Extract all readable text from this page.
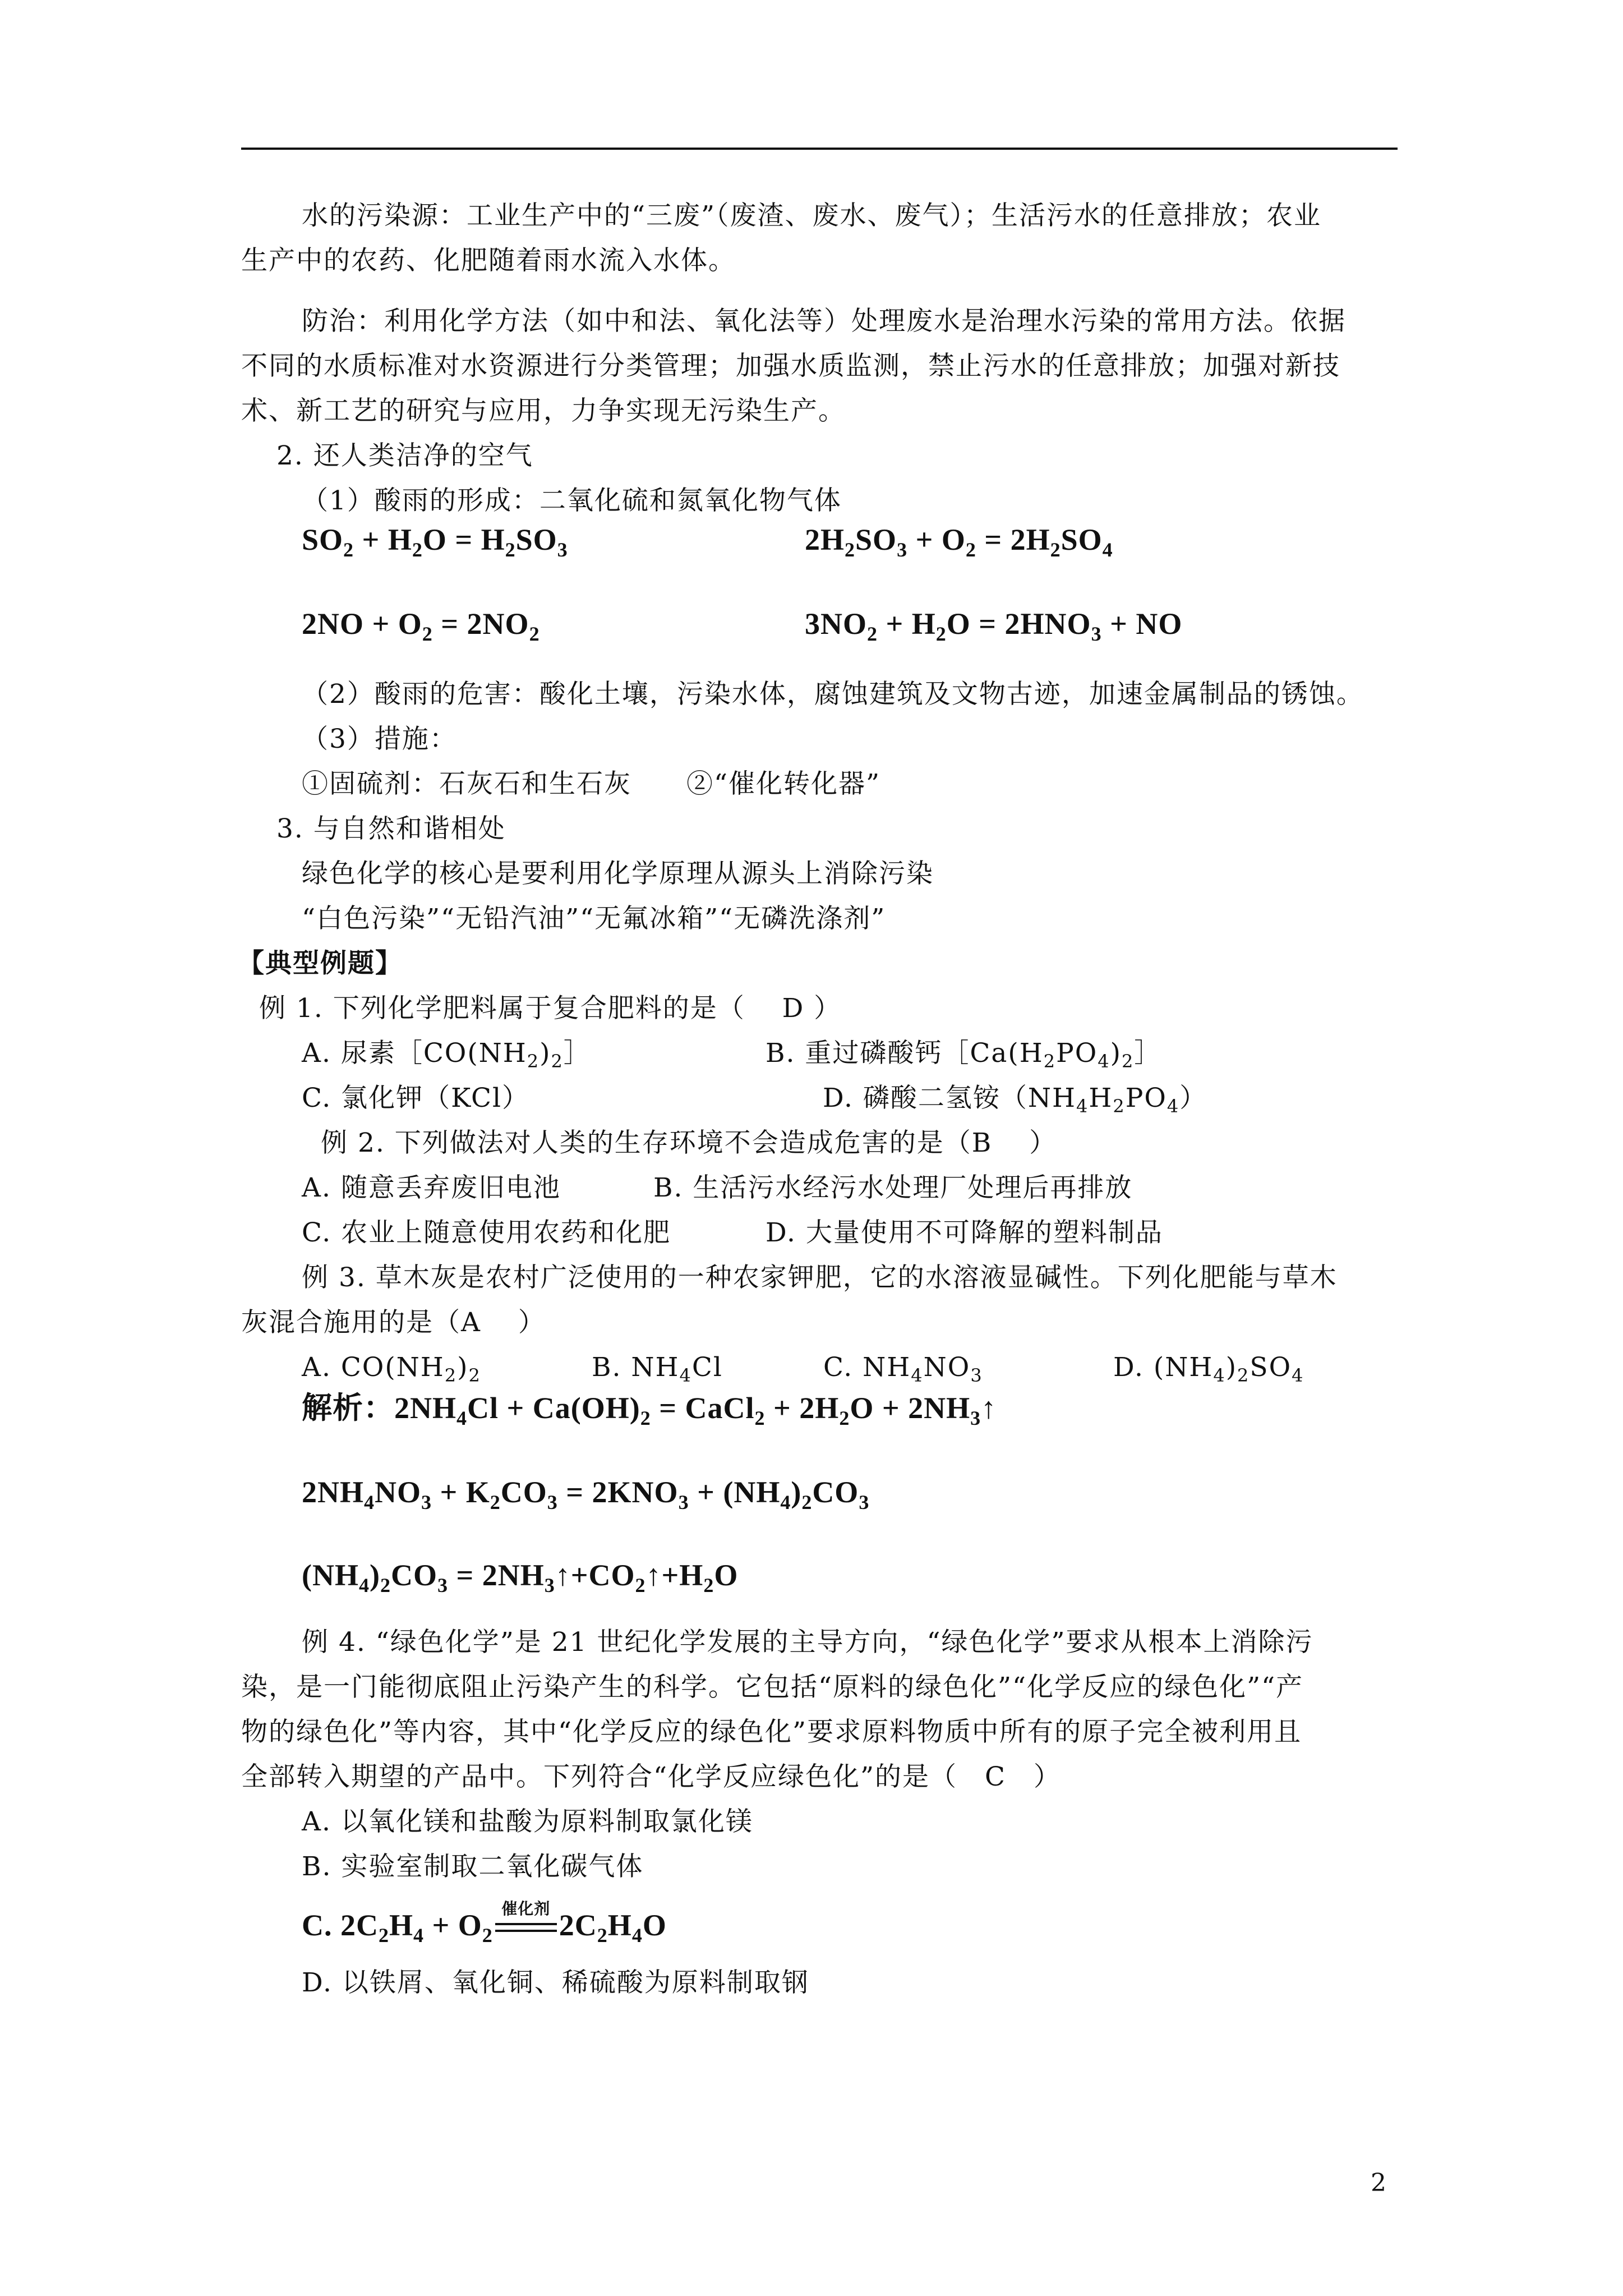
水的污染源：工业生产中的“三废”（废渣、废水、废气）；生活污水的任意排放；农业
生产中的农药、化肥随着雨水流入水体。
防治：利用化学方法（如中和法、氧化法等）处理废水是治理水污染的常用方法。依据
不同的水质标准对水资源进行分类管理；加强水质监测，禁止污水的任意排放；加强对新技
术、新工艺的研究与应用，力争实现无污染生产。
2. 还人类洁净的空气
（1）酸雨的形成：二氧化硫和氮氧化物气体
$SO_2 + H_2O = H_2SO_3$	$2H_2SO_3 + O_2 = 2H_2SO_4$
$2NO + O_2 = 2NO_2$	$3NO_2 + H_2O = 2HNO_3$ + NO
（2）酸雨的危害：酸化土壤，污染水体，腐蚀建筑及文物古迹，加速金属制品的锈蚀。
（3）措施：
①固硫剂：石灰石和生石灰　　②“催化转化器”
3. 与自然和谐相处
绿色化学的核心是要利用化学原理从源头上消除污染
“白色污染”“无铅汽油”“无氟冰箱”“无磷洗涤剂”
【典型例题】
例 1. 下列化学肥料属于复合肥料的是（　 D ）
A. 尿素$[CO(NH_2)_2]$	B. 重过磷酸钙$[Ca(H_2PO_4)_2]$
C. 氯化钾（KCl）	D. 磷酸二氢铵$(NH_4H_2PO_4)$
例 2. 下列做法对人类的生存环境不会造成危害的是（B　 ）
A. 随意丢弃废旧电池	B. 生活污水经污水处理厂处理后再排放
C. 农业上随意使用农药和化肥	D. 大量使用不可降解的塑料制品
例 3. 草木灰是农村广泛使用的一种农家钾肥，它的水溶液显碱性。下列化肥能与草木
灰混合施用的是（A　 ）
A. $CO(NH_2)_2$	B. $NH_4Cl$	C. $NH_4NO_3$	D. $(NH_4)_2SO_4$
解析：$2NH_4Cl + Ca(OH)_2$ = CaCl$_2$ + $2H_2O$ + $2NH_3↑$
$2NH_4NO_3 + K_2CO_3 = 2KNO_3 + (NH_4)_2CO_3$
$(NH_4)_2CO_3$ = $2NH_3↑+CO_2↑+H_2O$
例 4. “绿色化学”是 21 世纪化学发展的主导方向，“绿色化学”要求从根本上消除污
染，是一门能彻底阻止污染产生的科学。它包括“原料的绿色化”“化学反应的绿色化”“产
物的绿色化”等内容，其中“化学反应的绿色化”要求原料物质中所有的原子完全被利用且
全部转入期望的产品中。下列符合“化学反应绿色化”的是（　C　）
A. 以氧化镁和盐酸为原料制取氯化镁
B. 实验室制取二氧化碳气体
C. $2C_2H_4 + O_2$
催化剂 $2C_2H_4O$
D. 以铁屑、氧化铜、稀硫酸为原料制取钢
2
